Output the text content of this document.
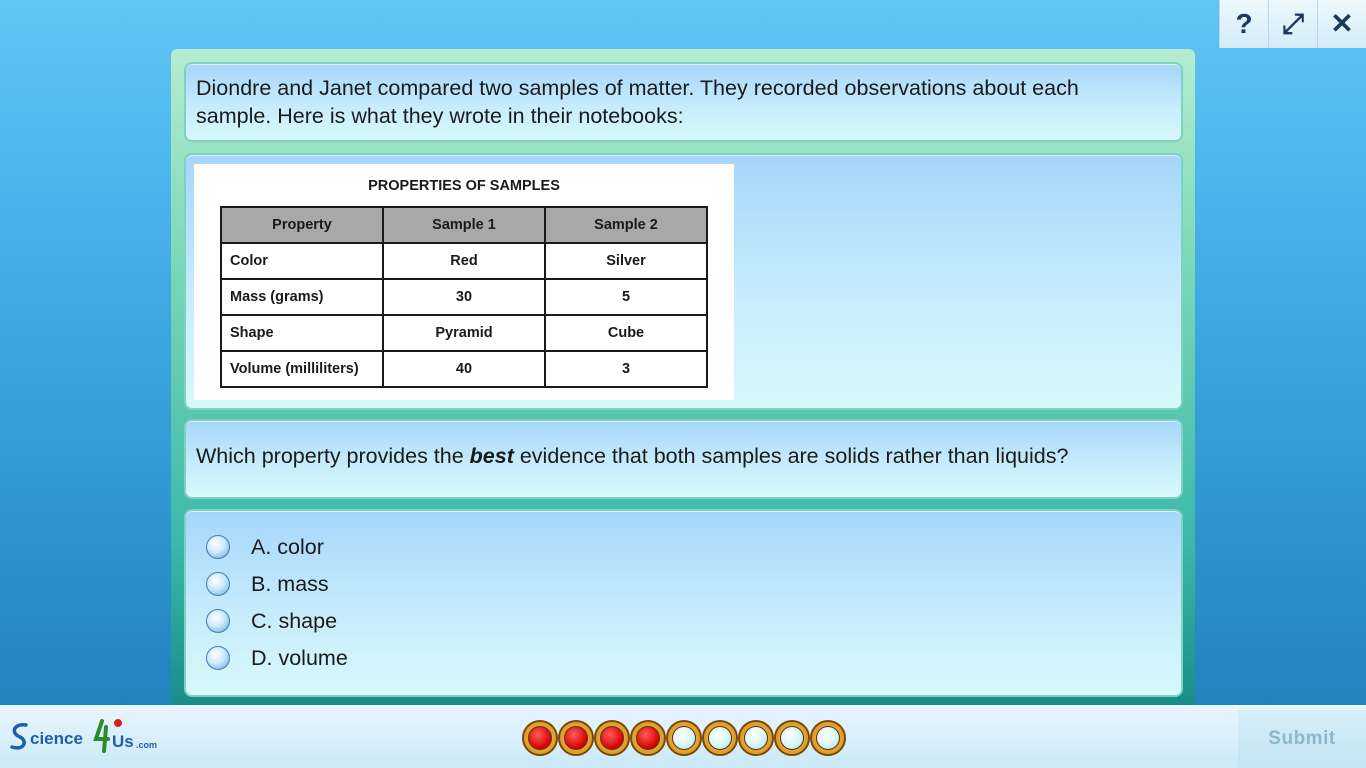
? ⤢ ✕
Diondre and Janet compared two samples of matter. They recorded observations about each sample. Here is what they wrote in their notebooks:
PROPERTIES OF SAMPLES
Property	Sample 1	Sample 2
Color	Red	Silver
Mass (grams)	30	5
Shape	Pyramid	Cube
Volume (milliliters)	40	3
Which property provides the best evidence that both samples are solids rather than liquids?
A. color
B. mass
C. shape
D. volume
cience Us .com	Submit
